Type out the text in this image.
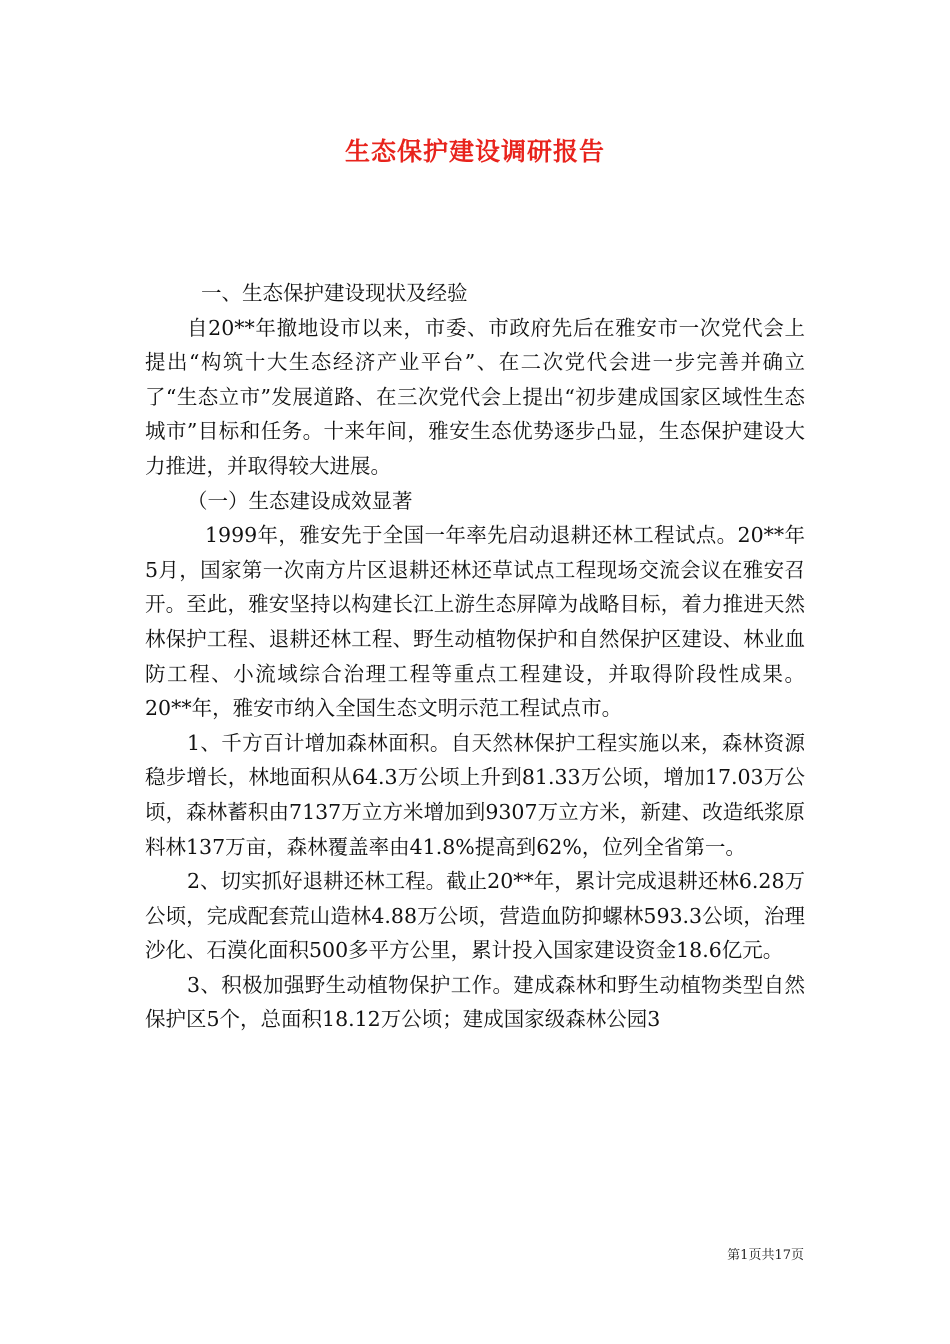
生态保护建设调研报告

一、生态保护建设现状及经验

自20**年撤地设市以来，市委、市政府先后在雅安市一次党代会上提出“构筑十大生态经济产业平台”、在二次党代会进一步完善并确立了“生态立市”发展道路、在三次党代会上提出“初步建成国家区域性生态城市”目标和任务。十来年间，雅安生态优势逐步凸显，生态保护建设大力推进，并取得较大进展。

（一）生态建设成效显著

1999年，雅安先于全国一年率先启动退耕还林工程试点。20**年5月，国家第一次南方片区退耕还林还草试点工程现场交流会议在雅安召开。至此，雅安坚持以构建长江上游生态屏障为战略目标，着力推进天然林保护工程、退耕还林工程、野生动植物保护和自然保护区建设、林业血防工程、小流域综合治理工程等重点工程建设，并取得阶段性成果。20**年，雅安市纳入全国生态文明示范工程试点市。

1、千方百计增加森林面积。自天然林保护工程实施以来，森林资源稳步增长，林地面积从64.3万公顷上升到81.33万公顷，增加17.03万公顷，森林蓄积由7137万立方米增加到9307万立方米，新建、改造纸浆原料林137万亩，森林覆盖率由41.8%提高到62%，位列全省第一。

2、切实抓好退耕还林工程。截止20**年，累计完成退耕还林6.28万公顷，完成配套荒山造林4.88万公顷，营造血防抑螺林593.3公顷，治理沙化、石漠化面积500多平方公里，累计投入国家建设资金18.6亿元。

3、积极加强野生动植物保护工作。建成森林和野生动植物类型自然保护区5个，总面积18.12万公顷；建成国家级森林公园3

第1页共17页
